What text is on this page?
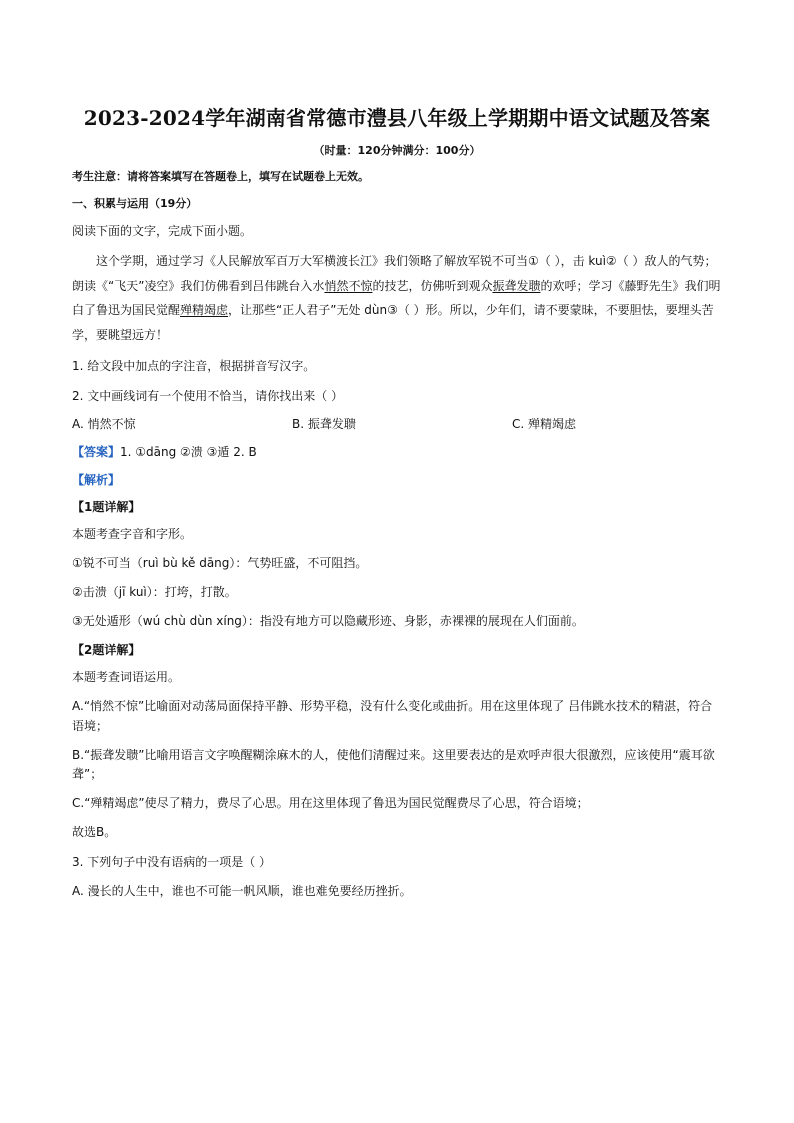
2023-2024学年湖南省常德市澧县八年级上学期期中语文试题及答案
（时量：120分钟满分：100分）
考生注意：请将答案填写在答题卷上，填写在试题卷上无效。
一、积累与运用（19分）
阅读下面的文字，完成下面小题。
这个学期，通过学习《人民解放军百万大军横渡长江》我们领略了解放军锐不可当①（ ），击 kuì②（ ）敌人的气势；朗读《“飞天”凌空》我们仿佛看到吕伟跳台入水悄然不惊的技艺，仿佛听到观众振聋发聩的欢呼；学习《藤野先生》我们明白了鲁迅为国民觉醒殚精竭虑，让那些“正人君子”无处 dùn③（ ）形。所以，少年们，请不要蒙昧，不要胆怯，要埋头苦学，要眺望远方！
1. 给文段中加点的字注音，根据拼音写汉字。
2. 文中画线词有一个使用不恰当，请你找出来（ ）
A. 悄然不惊	B. 振聋发聩	C. 殚精竭虑
【答案】1. ①dāng ②溃 ③遁 2. B
【解析】
【1题详解】
本题考查字音和字形。
①锐不可当（ruì bù kě dāng）：气势旺盛，不可阻挡。
②击溃（jī kuì）：打垮，打散。
③无处遁形（wú chù dùn xíng）：指没有地方可以隐藏形迹、身影，赤裸裸的展现在人们面前。
【2题详解】
本题考查词语运用。
A.“悄然不惊”比喻面对动荡局面保持平静、形势平稳，没有什么变化或曲折。用在这里体现了 吕伟跳水技术的精湛，符合语境；
B.“振聋发聩”比喻用语言文字唤醒糊涂麻木的人，使他们清醒过来。这里要表达的是欢呼声很大很激烈，应该使用“震耳欲聋”；
C.“殚精竭虑”使尽了精力，费尽了心思。用在这里体现了鲁迅为国民觉醒费尽了心思，符合语境；
故选B。
3. 下列句子中没有语病的一项是（ ）
A. 漫长的人生中，谁也不可能一帆风顺，谁也难免要经历挫折。
